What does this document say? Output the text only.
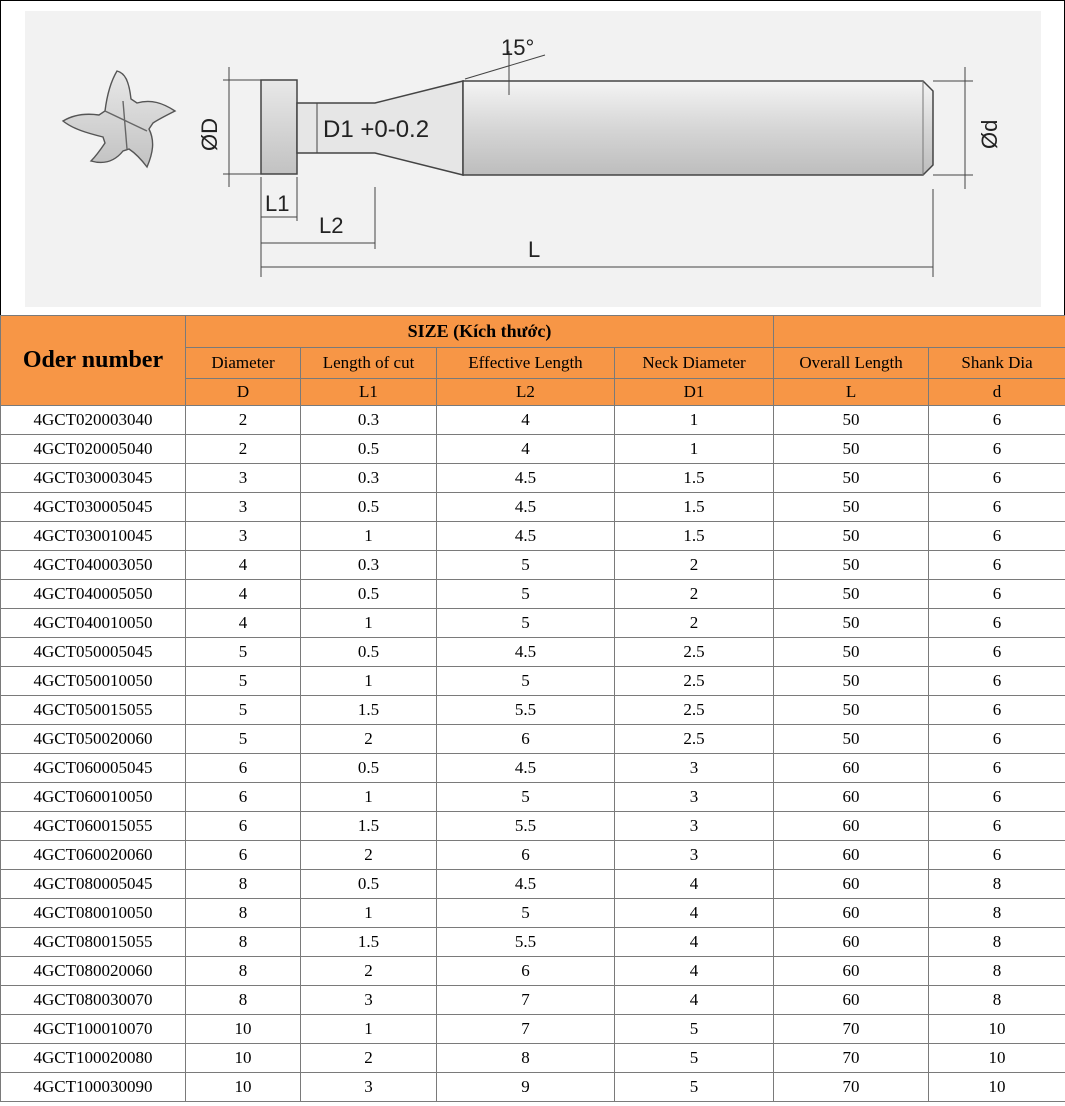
15°
ØD	D1 +0-0.2	Ød
L1
L2
L
Oder number	SIZE (Kích thước)					
	Diameter	Length of cut	Effective Length	Neck Diameter	Overall Length	Shank Dia
	D	L1	L2	D1	L	d
4GCT020003040	2	0.3	4	1	50	6
4GCT020005040	2	0.5	4	1	50	6
4GCT030003045	3	0.3	4.5	1.5	50	6
4GCT030005045	3	0.5	4.5	1.5	50	6
4GCT030010045	3	1	4.5	1.5	50	6
4GCT040003050	4	0.3	5	2	50	6
4GCT040005050	4	0.5	5	2	50	6
4GCT040010050	4	1	5	2	50	6
4GCT050005045	5	0.5	4.5	2.5	50	6
4GCT050010050	5	1	5	2.5	50	6
4GCT050015055	5	1.5	5.5	2.5	50	6
4GCT050020060	5	2	6	2.5	50	6
4GCT060005045	6	0.5	4.5	3	60	6
4GCT060010050	6	1	5	3	60	6
4GCT060015055	6	1.5	5.5	3	60	6
4GCT060020060	6	2	6	3	60	6
4GCT080005045	8	0.5	4.5	4	60	8
4GCT080010050	8	1	5	4	60	8
4GCT080015055	8	1.5	5.5	4	60	8
4GCT080020060	8	2	6	4	60	8
4GCT080030070	8	3	7	4	60	8
4GCT100010070	10	1	7	5	70	10
4GCT100020080	10	2	8	5	70	10
4GCT100030090	10	3	9	5	70	10
